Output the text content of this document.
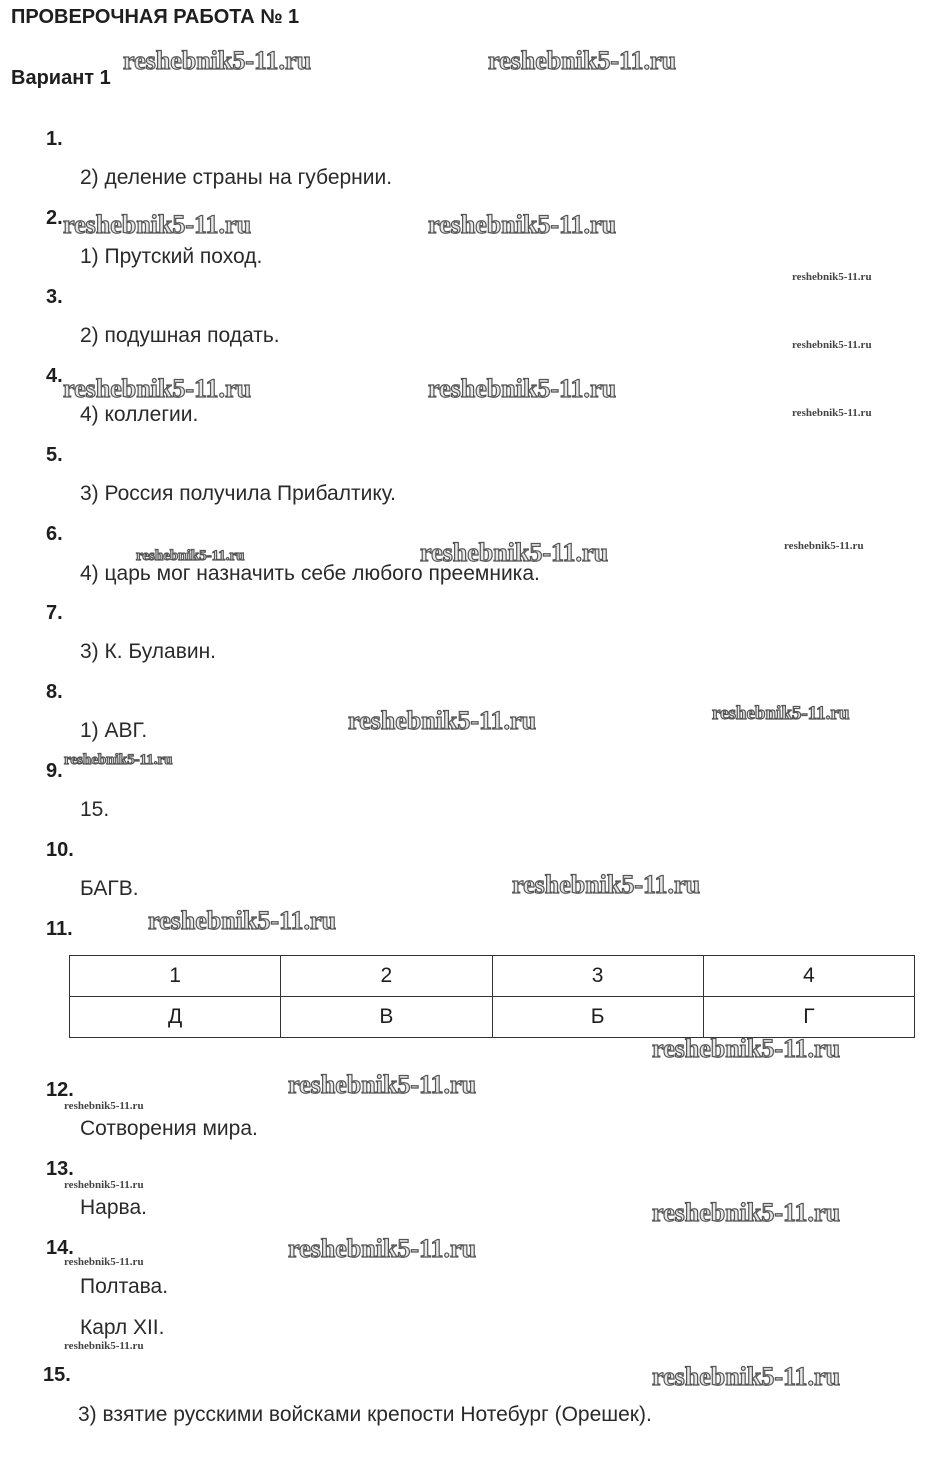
ПРОВЕРОЧНАЯ РАБОТА № 1
Вариант 1
1.
2) деление страны на губернии.
2.
1) Прутский поход.
3.
2) подушная подать.
4.
4) коллегии.
5.
3) Россия получила Прибалтику.
6.
4) царь мог назначить себе любого преемника.
7.
3) К. Булавин.
8.
1) АВГ.
9.
15.
10.
БАГВ.
11.
1	2	3	4
Д	В	Б	Г
12.
Сотворения мира.
13.
Нарва.
14.
Полтава.
Карл XII.
15.
3) взятие русскими войсками крепости Нотебург (Орешек).
reshebnik5-11.ru	reshebnik5-11.ru
reshebnik5-11.ru	reshebnik5-11.ru
reshebnik5-11.ru
reshebnik5-11.ru
reshebnik5-11.ru	reshebnik5-11.ru
reshebnik5-11.ru
reshebnik5-11.ru	reshebnik5-11.ru	reshebnik5-11.ru
reshebnik5-11.ru	reshebnik5-11.ru
reshebnik5-11.ru
reshebnik5-11.ru
reshebnik5-11.ru
reshebnik5-11.ru
reshebnik5-11.ru
reshebnik5-11.ru
reshebnik5-11.ru
reshebnik5-11.ru
reshebnik5-11.ru
reshebnik5-11.ru
reshebnik5-11.ru
reshebnik5-11.ru
